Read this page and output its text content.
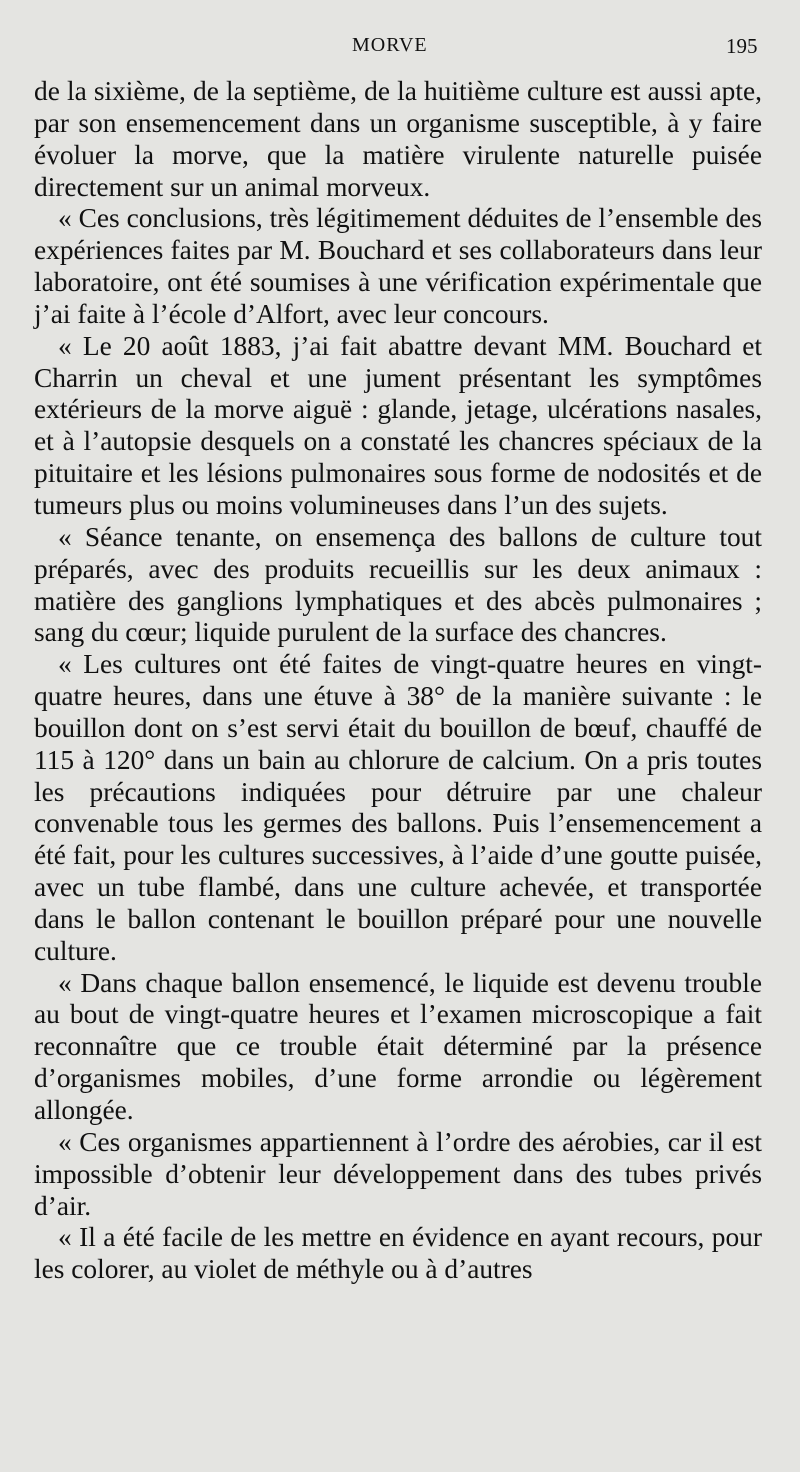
MORVE	195

de la sixième, de la septième, de la huitième culture est aussi apte, par son ensemencement dans un organisme susceptible, à y faire évoluer la morve, que la matière virulente naturelle puisée directement sur un animal morveux.

« Ces conclusions, très légitimement déduites de l’ensemble des expériences faites par M. Bouchard et ses collaborateurs dans leur laboratoire, ont été soumises à une vérification expérimentale que j’ai faite à l’école d’Alfort, avec leur concours.

« Le 20 août 1883, j’ai fait abattre devant MM. Bouchard et Charrin un cheval et une jument présentant les symptômes extérieurs de la morve aiguë : glande, jetage, ulcérations nasales, et à l’autopsie desquels on a constaté les chancres spéciaux de la pituitaire et les lésions pulmonaires sous forme de nodosités et de tumeurs plus ou moins volumineuses dans l’un des sujets.

« Séance tenante, on ensemença des ballons de culture tout préparés, avec des produits recueillis sur les deux animaux : matière des ganglions lymphatiques et des abcès pulmonaires ; sang du cœur; liquide purulent de la surface des chancres.

« Les cultures ont été faites de vingt-quatre heures en vingt-quatre heures, dans une étuve à 38° de la manière suivante : le bouillon dont on s’est servi était du bouillon de bœuf, chauffé de 115 à 120° dans un bain au chlorure de calcium. On a pris toutes les précautions indiquées pour détruire par une chaleur convenable tous les germes des ballons. Puis l’ensemencement a été fait, pour les cultures successives, à l’aide d’une goutte puisée, avec un tube flambé, dans une culture achevée, et transportée dans le ballon contenant le bouillon préparé pour une nouvelle culture.

« Dans chaque ballon ensemencé, le liquide est devenu trouble au bout de vingt-quatre heures et l’examen microscopique a fait reconnaître que ce trouble était déterminé par la présence d’organismes mobiles, d’une forme arrondie ou légèrement allongée.

« Ces organismes appartiennent à l’ordre des aérobies, car il est impossible d’obtenir leur développement dans des tubes privés d’air.

« Il a été facile de les mettre en évidence en ayant recours, pour les colorer, au violet de méthyle ou à d’autres
